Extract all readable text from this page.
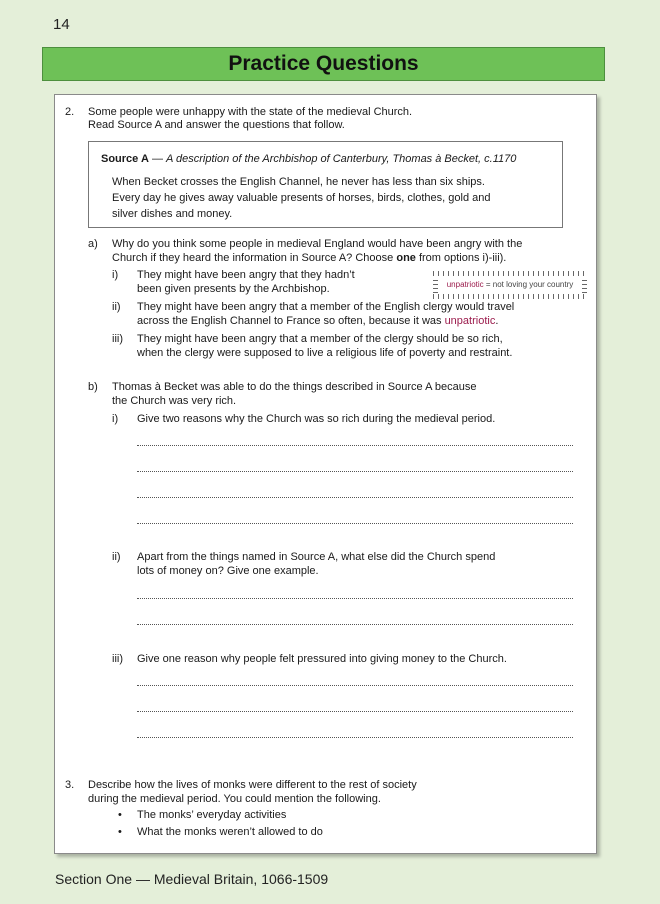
14
Practice Questions
2. Some people were unhappy with the state of the medieval Church.
Read Source A and answer the questions that follow.
Source A — A description of the Archbishop of Canterbury, Thomas à Becket, c.1170
When Becket crosses the English Channel, he never has less than six ships.
Every day he gives away valuable presents of horses, birds, clothes, gold and
silver dishes and money.
a) Why do you think some people in medieval England would have been angry with the
Church if they heard the information in Source A? Choose one from options i)-iii).
i) They might have been angry that they hadn’t
been given presents by the Archbishop.	unpatriotic = not loving your country
ii) They might have been angry that a member of the English clergy would travel
across the English Channel to France so often, because it was unpatriotic.
iii) They might have been angry that a member of the clergy should be so rich,
when the clergy were supposed to live a religious life of poverty and restraint.
b) Thomas à Becket was able to do the things described in Source A because
the Church was very rich.
i) Give two reasons why the Church was so rich during the medieval period.
ii) Apart from the things named in Source A, what else did the Church spend
lots of money on? Give one example.
iii) Give one reason why people felt pressured into giving money to the Church.
3. Describe how the lives of monks were different to the rest of society
during the medieval period. You could mention the following.
• The monks’ everyday activities
• What the monks weren’t allowed to do
Section One — Medieval Britain, 1066-1509
